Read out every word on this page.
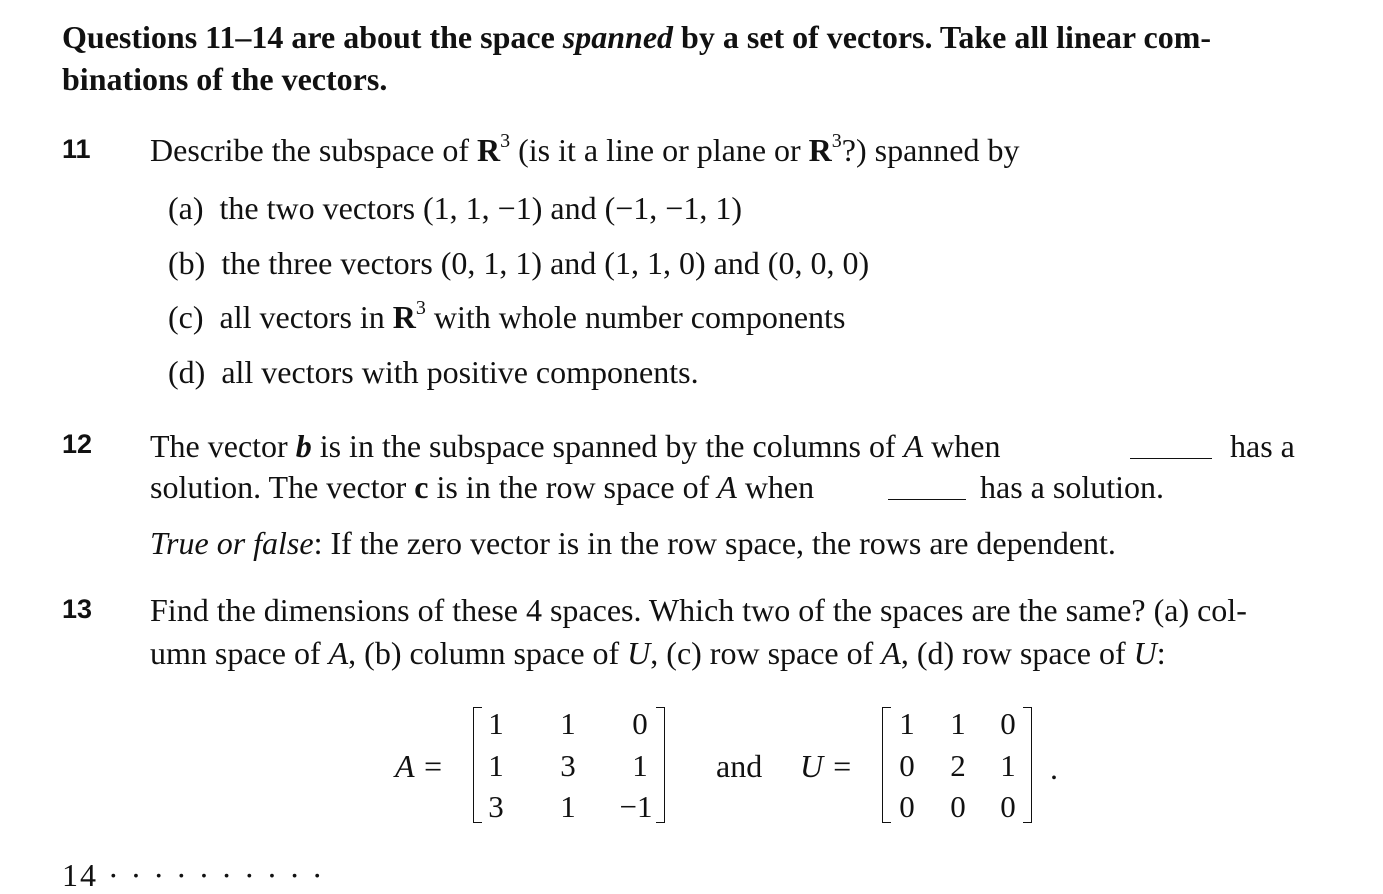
Questions 11–14 are about the space spanned by a set of vectors. Take all linear com-binations of the vectors.
11 Describe the subspace of $R^3$ (is it a line or plane or $R^3$?) spanned by
(a) the two vectors (1, 1, −1) and (−1, −1, 1)
(b) the three vectors (0, 1, 1) and (1, 1, 0) and (0, 0, 0)
(c) all vectors in $R^3$ with whole number components
(d) all vectors with positive components.
12 The vector b is in the subspace spanned by the columns of A when	has a
solution. The vector c is in the row space of A when	has a solution.
True or false: If the zero vector is in the row space, the rows are dependent.
13 Find the dimensions of these 4 spaces. Which two of the spaces are the same? (a) col-
umn space of A, (b) column space of U, (c) row space of A, (d) row space of U:
A =
1	1	0
1	3	1
3	1	−1
and U =
1	1	0
0	2	1
0	0	0
.
14 · · · · · · · · · ·
